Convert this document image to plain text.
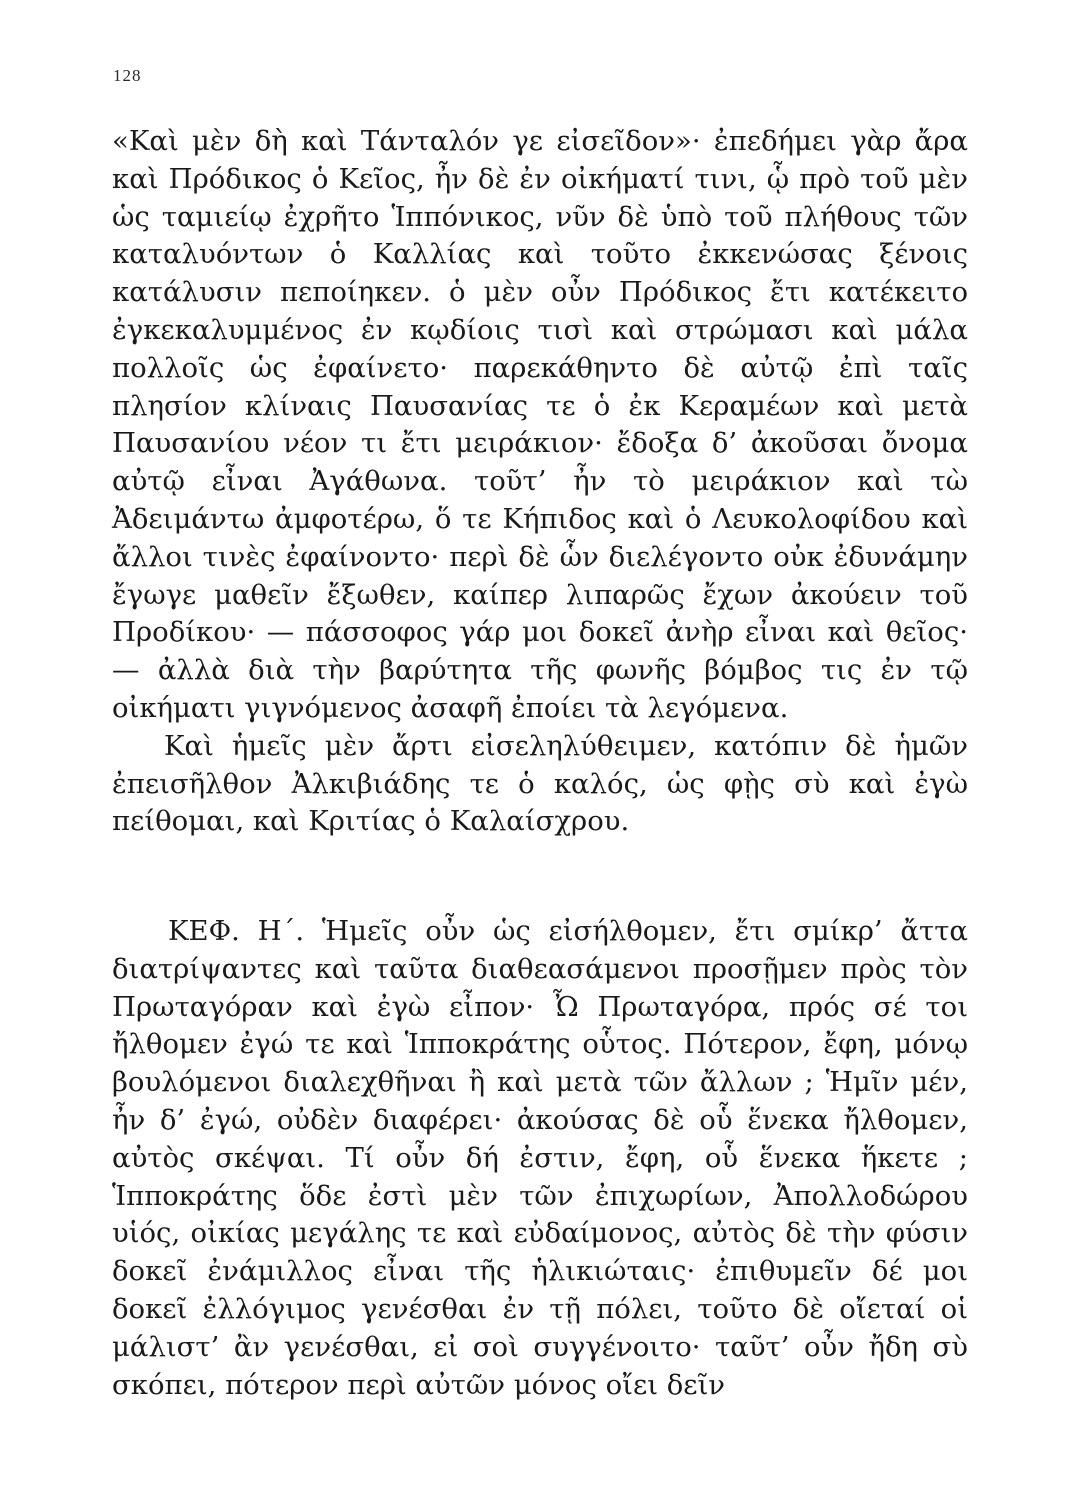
128

«Καὶ μὲν δὴ καὶ Τάνταλόν γε εἰσεῖδον»· ἐπεδήμει γὰρ ἄρα καὶ Πρόδικος ὁ Κεῖος, ἦν δὲ ἐν οἰκήματί τινι, ᾧ πρὸ τοῦ μὲν ὡς ταμιείῳ ἐχρῆτο Ἱππόνικος, νῦν δὲ ὑπὸ τοῦ πλήθους τῶν καταλυόντων ὁ Καλλίας καὶ τοῦτο ἐκκενώσας ξένοις κατάλυσιν πεποίηκεν. ὁ μὲν οὖν Πρόδικος ἔτι κατέκειτο ἐγκεκαλυμμένος ἐν κῳδίοις τισὶ καὶ στρώμασι καὶ μάλα πολλοῖς ὡς ἐφαίνετο· παρεκάθηντο δὲ αὐτῷ ἐπὶ ταῖς πλησίον κλίναις Παυσανίας τε ὁ ἐκ Κεραμέων καὶ μετὰ Παυσανίου νέον τι ἔτι μειράκιον· ἔδοξα δ’ ἀκοῦσαι ὄνομα αὐτῷ εἶναι Ἀγάθωνα. τοῦτ’ ἦν τὸ μειράκιον καὶ τὼ Ἀδειμάντω ἀμφοτέρω, ὅ τε Κήπιδος καὶ ὁ Λευκολοφίδου καὶ ἄλλοι τινὲς ἐφαίνοντο· περὶ δὲ ὧν διελέγοντο οὐκ ἐδυνάμην ἔγωγε μαθεῖν ἔξωθεν, καίπερ λιπαρῶς ἔχων ἀκούειν τοῦ Προδίκου· — πάσσοφος γάρ μοι δοκεῖ ἀνὴρ εἶναι καὶ θεῖος· — ἀλλὰ διὰ τὴν βαρύτητα τῆς φωνῆς βόμβος τις ἐν τῷ οἰκήματι γιγνόμενος ἀσαφῆ ἐποίει τὰ λεγόμενα.

Καὶ ἡμεῖς μὲν ἄρτι εἰσεληλύθειμεν, κατόπιν δὲ ἡμῶν ἐπεισῆλθον Ἀλκιβιάδης τε ὁ καλός, ὡς φῂς σὺ καὶ ἐγὼ πείθομαι, καὶ Κριτίας ὁ Καλαίσχρου.

ΚΕΦ. Η΄. Ἡμεῖς οὖν ὡς εἰσήλθομεν, ἔτι σμίκρ’ ἄττα διατρίψαντες καὶ ταῦτα διαθεασάμενοι προσῇμεν πρὸς τὸν Πρωταγόραν καὶ ἐγὼ εἶπον· Ὦ Πρωταγόρα, πρός σέ τοι ἤλθομεν ἐγώ τε καὶ Ἱπποκράτης οὗτος. Πότερον, ἔφη, μόνῳ βουλόμενοι διαλεχθῆναι ἢ καὶ μετὰ τῶν ἄλλων ; Ἡμῖν μέν, ἦν δ’ ἐγώ, οὐδὲν διαφέρει· ἀκούσας δὲ οὗ ἕνεκα ἤλθομεν, αὐτὸς σκέψαι. Τί οὖν δή ἐστιν, ἔφη, οὗ ἕνεκα ἥκετε ; Ἱπποκράτης ὅδε ἐστὶ μὲν τῶν ἐπιχωρίων, Ἀπολλοδώρου υἱός, οἰκίας μεγάλης τε καὶ εὐδαίμονος, αὐτὸς δὲ τὴν φύσιν δοκεῖ ἐνάμιλλος εἶναι τῆς ἡλικιώταις· ἐπιθυμεῖν δέ μοι δοκεῖ ἐλλόγιμος γενέσθαι ἐν τῇ πόλει, τοῦτο δὲ οἴεταί οἱ μάλιστ’ ἂν γενέσθαι, εἰ σοὶ συγγένοιτο· ταῦτ’ οὖν ἤδη σὺ σκόπει, πότερον περὶ αὐτῶν μόνος οἴει δεῖν
